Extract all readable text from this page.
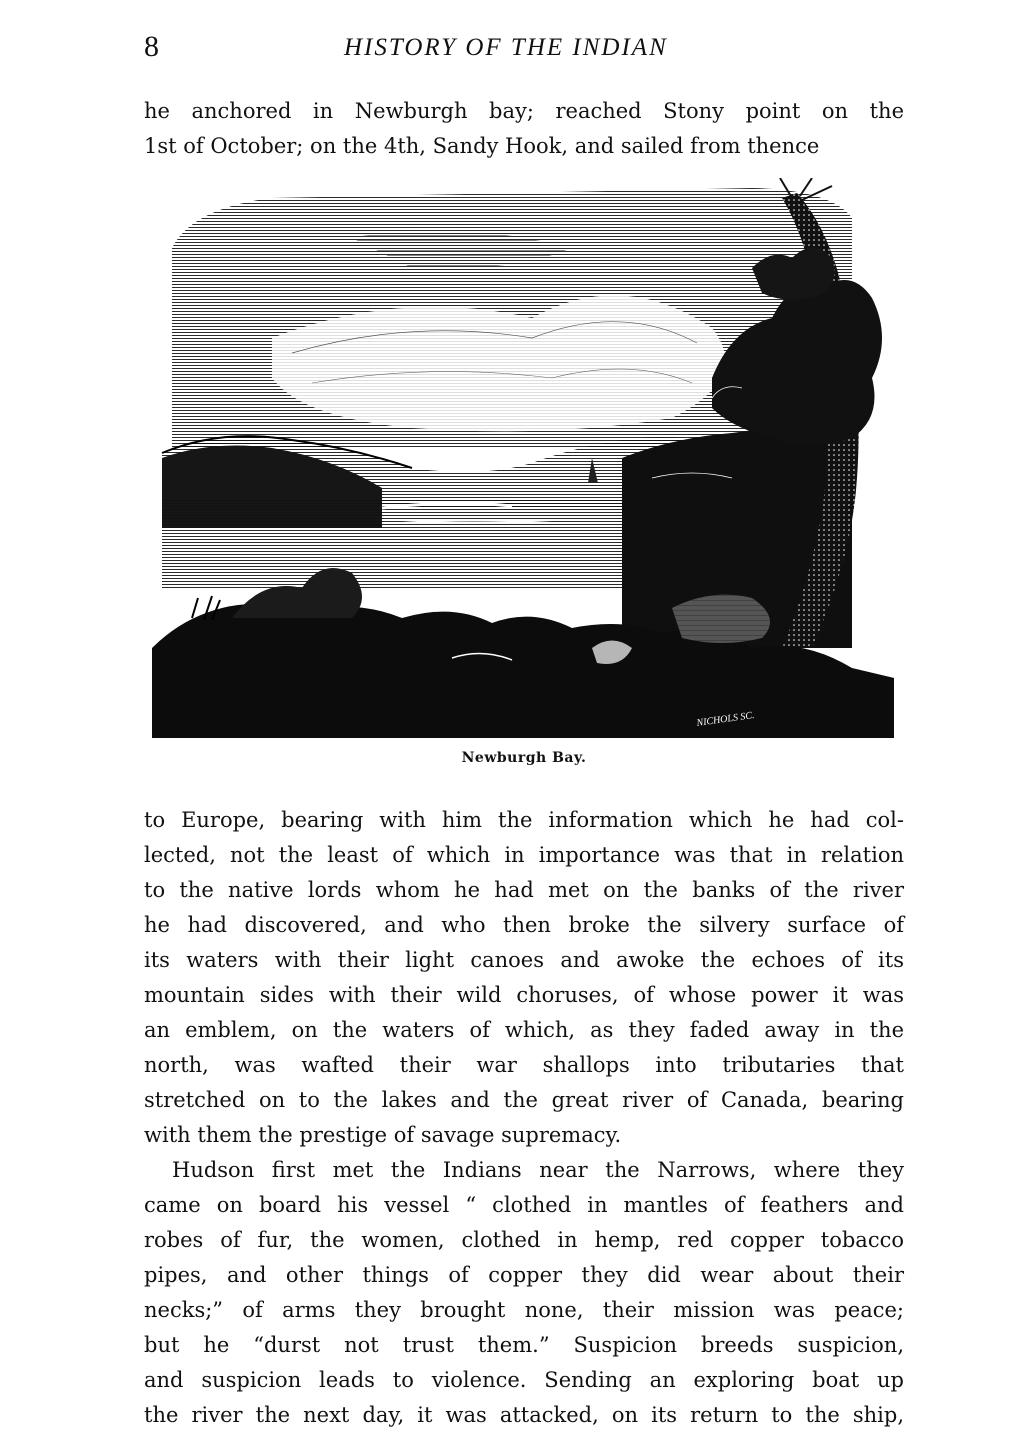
8	HISTORY OF THE INDIAN
he anchored in Newburgh bay; reached Stony point on the
1st of October; on the 4th, Sandy Hook, and sailed from thence
NICHOLS SC.
Newburgh Bay.
to Europe, bearing with him the information which he had col-
lected, not the least of which in importance was that in relation
to the native lords whom he had met on the banks of the river
he had discovered, and who then broke the silvery surface of
its waters with their light canoes and awoke the echoes of its
mountain sides with their wild choruses, of whose power it was
an emblem, on the waters of which, as they faded away in the
north, was wafted their war shallops into tributaries that
stretched on to the lakes and the great river of Canada, bearing
with them the prestige of savage supremacy.
Hudson first met the Indians near the Narrows, where they
came on board his vessel “ clothed in mantles of feathers and
robes of fur, the women, clothed in hemp, red copper tobacco
pipes, and other things of copper they did wear about their
necks;” of arms they brought none, their mission was peace;
but he “durst not trust them.” Suspicion breeds suspicion,
and suspicion leads to violence. Sending an exploring boat up
the river the next day, it was attacked, on its return to the ship,
